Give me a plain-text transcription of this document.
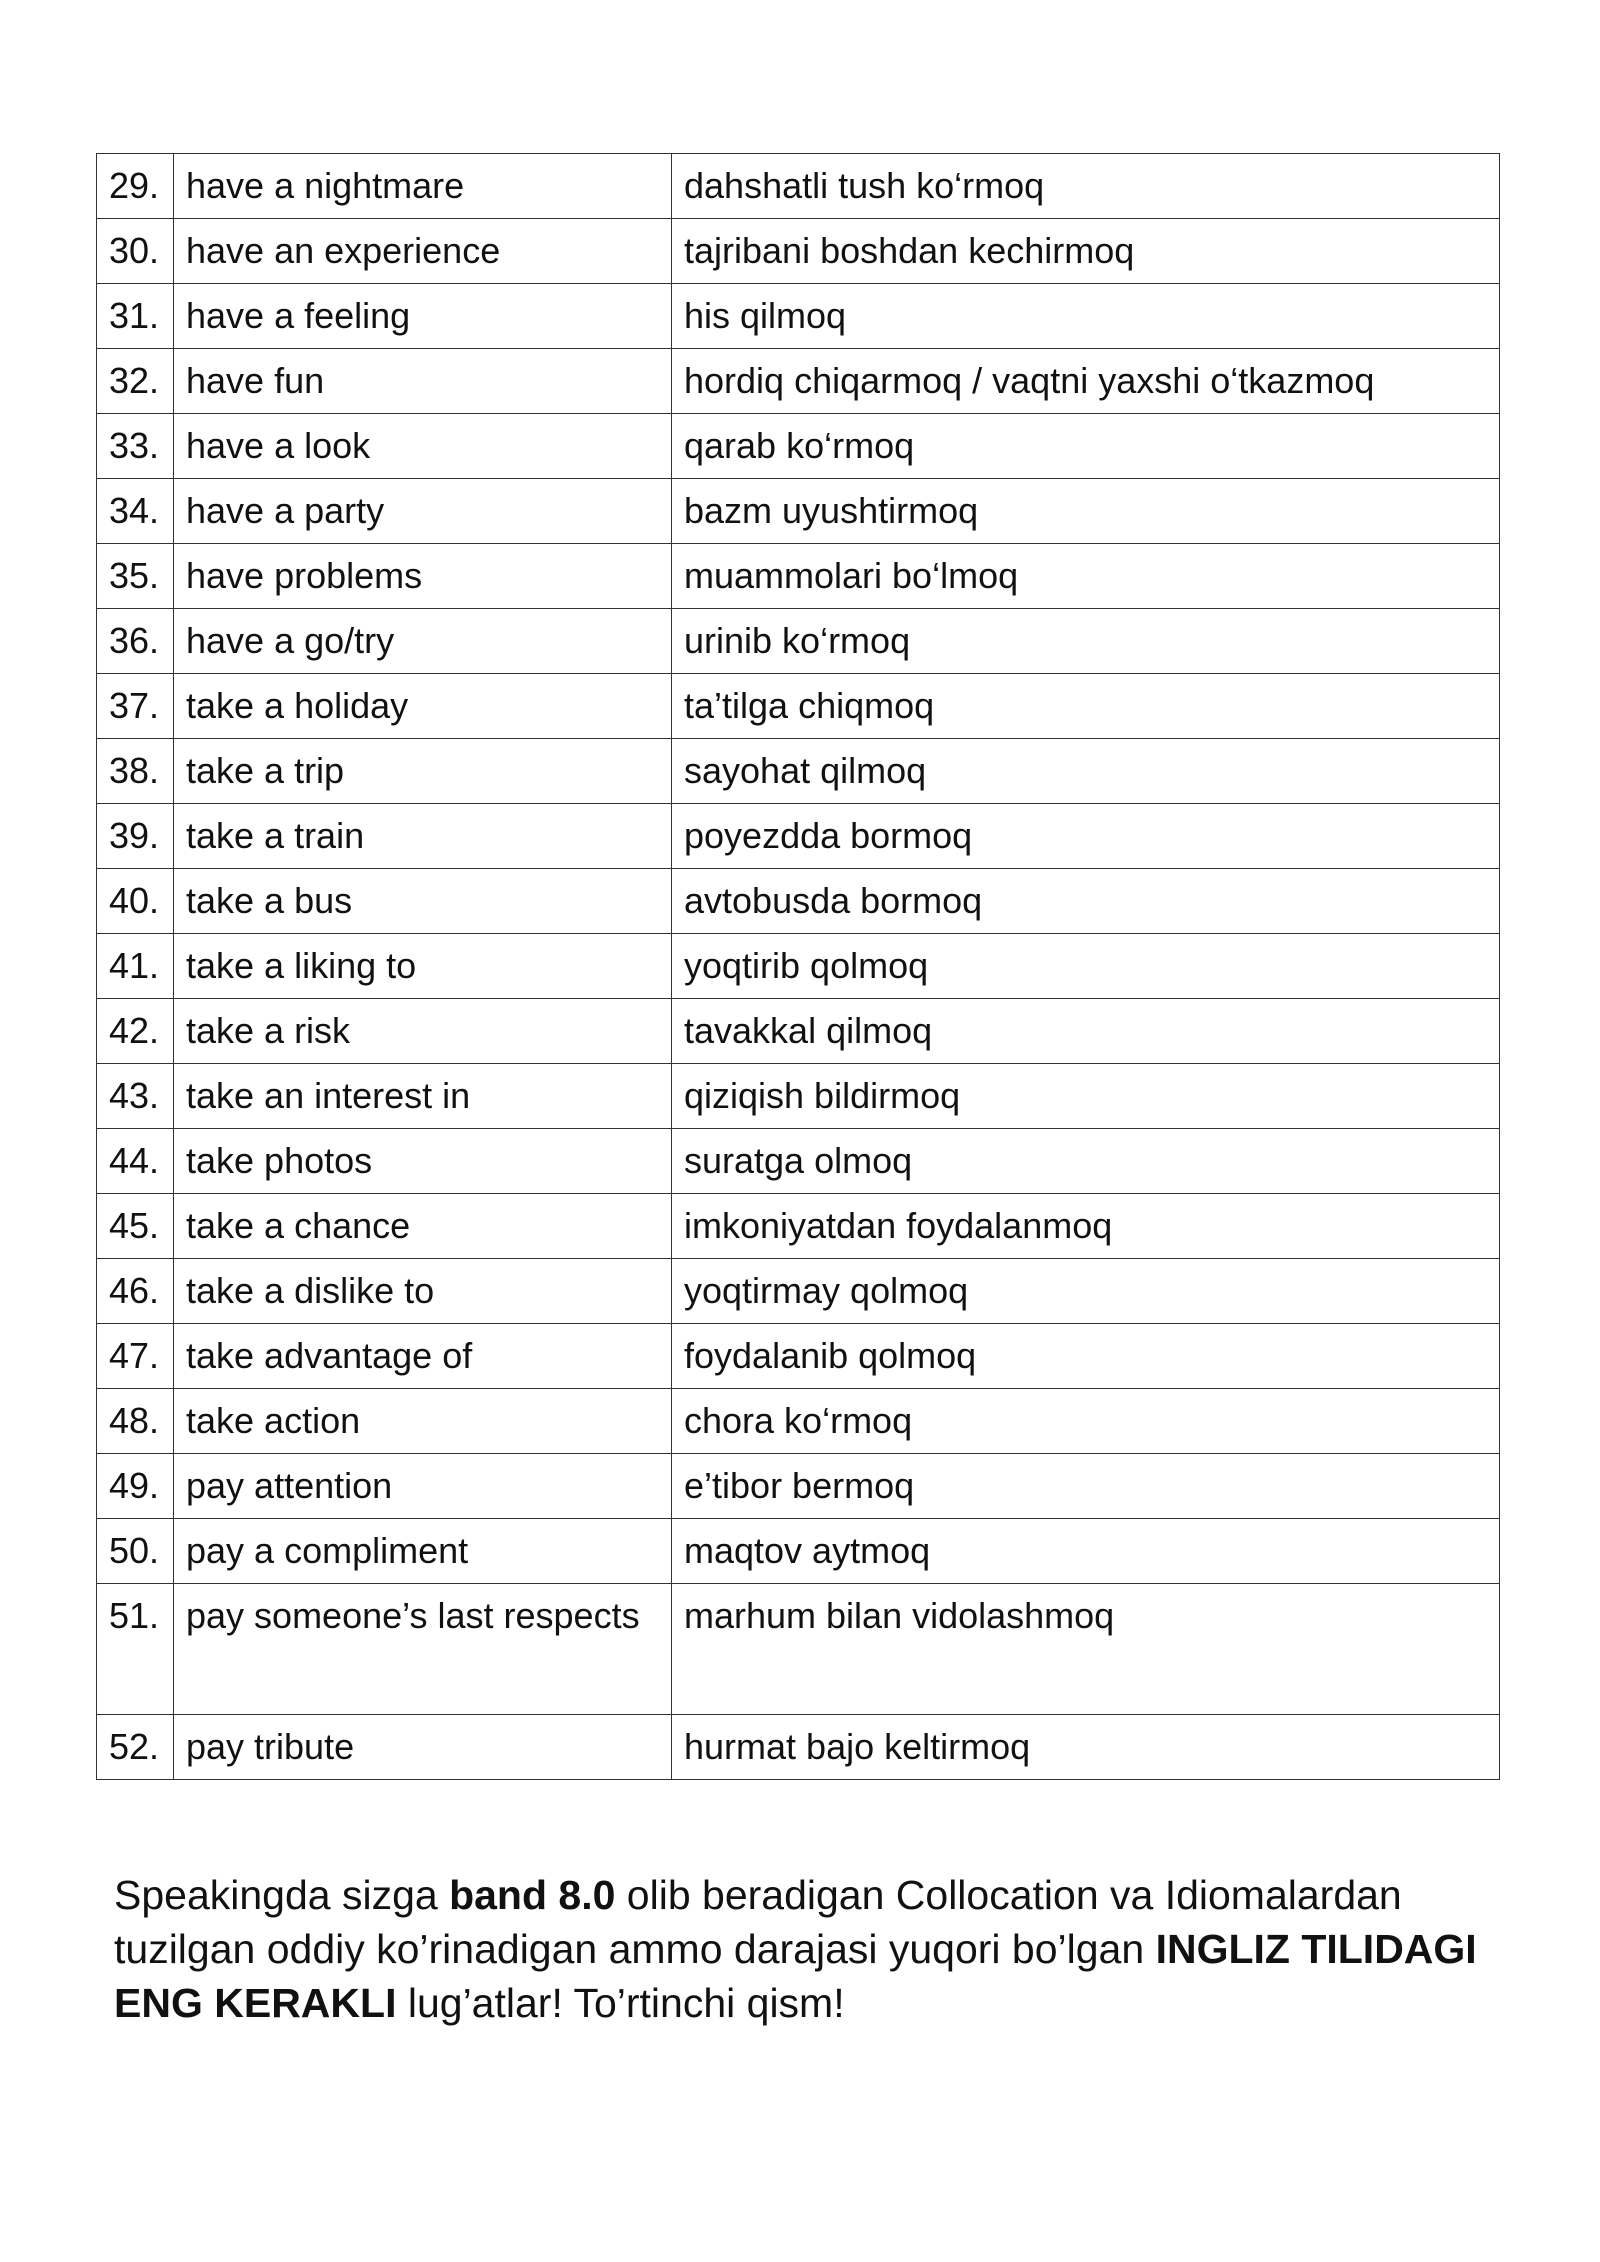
29.	have a nightmare	dahshatli tush ko‘rmoq
30.	have an experience	tajribani boshdan kechirmoq
31.	have a feeling	his qilmoq
32.	have fun	hordiq chiqarmoq / vaqtni yaxshi o‘tkazmoq
33.	have a look	qarab ko‘rmoq
34.	have a party	bazm uyushtirmoq
35.	have problems	muammolari bo‘lmoq
36.	have a go/try	urinib ko‘rmoq
37.	take a holiday	ta’tilga chiqmoq
38.	take a trip	sayohat qilmoq
39.	take a train	poyezdda bormoq
40.	take a bus	avtobusda bormoq
41.	take a liking to	yoqtirib qolmoq
42.	take a risk	tavakkal qilmoq
43.	take an interest in	qiziqish bildirmoq
44.	take photos	suratga olmoq
45.	take a chance	imkoniyatdan foydalanmoq
46.	take a dislike to	yoqtirmay qolmoq
47.	take advantage of	foydalanib qolmoq
48.	take action	chora ko‘rmoq
49.	pay attention	e’tibor bermoq
50.	pay a compliment	maqtov aytmoq
51.	pay someone’s last respects	marhum bilan vidolashmoq
52.	pay tribute	hurmat bajo keltirmoq
Speakingda sizga band 8.0 olib beradigan Collocation va Idiomalardan tuzilgan oddiy ko’rinadigan ammo darajasi yuqori bo’lgan INGLIZ TILIDAGI ENG KERAKLI lug’atlar! To’rtinchi qism!
